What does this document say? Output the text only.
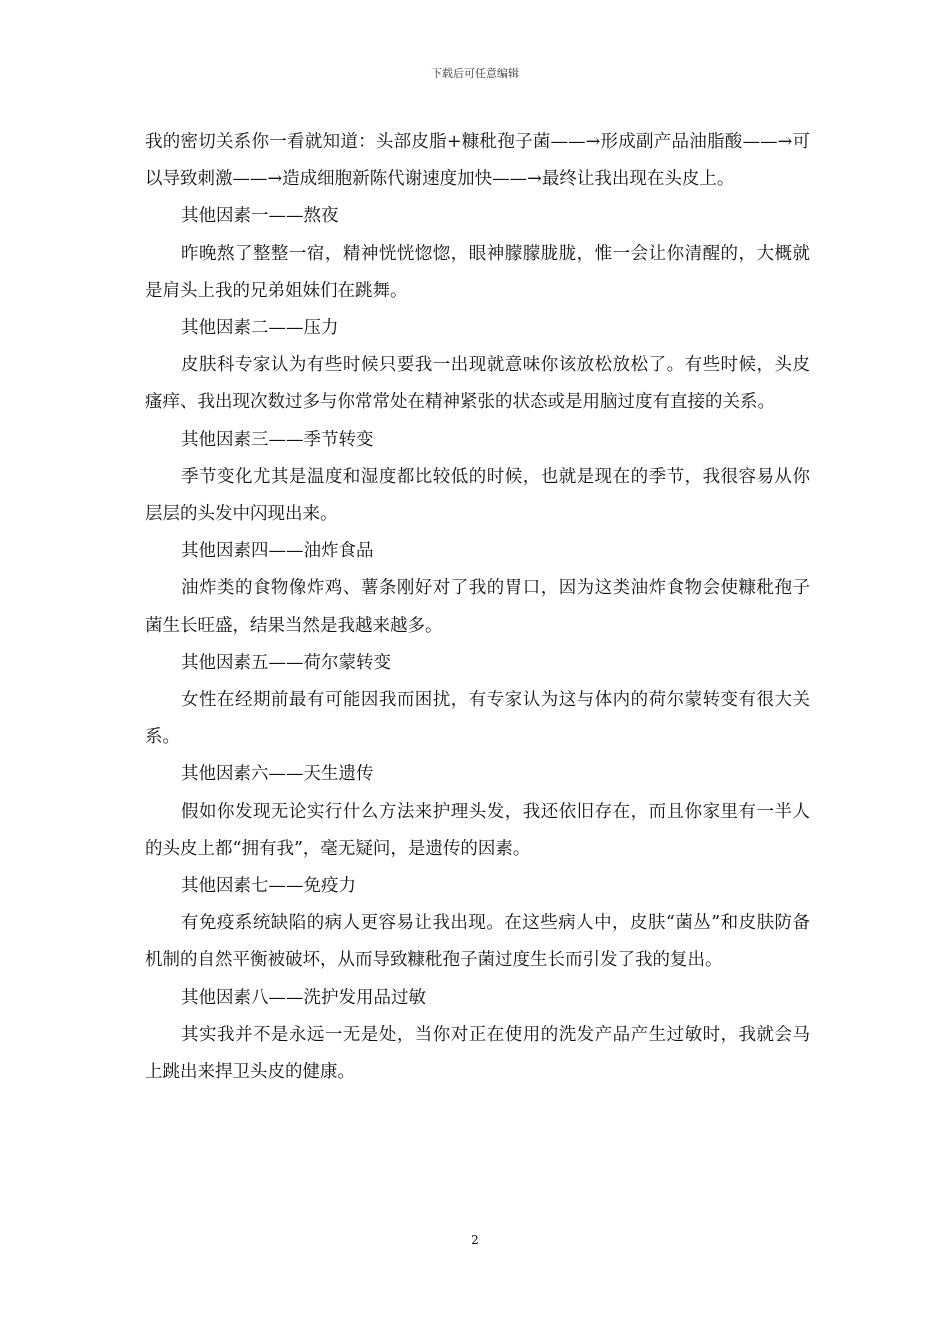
下载后可任意编辑

我的密切关系你一看就知道：头部皮脂+糠秕孢子菌——→形成副产品油脂酸——→可以导致刺激——→造成细胞新陈代谢速度加快——→最终让我出现在头皮上。

其他因素一——熬夜

昨晚熬了整整一宿，精神恍恍惚惚，眼神朦朦胧胧，惟一会让你清醒的，大概就是肩头上我的兄弟姐妹们在跳舞。

其他因素二——压力

皮肤科专家认为有些时候只要我一出现就意味你该放松放松了。有些时候，头皮瘙痒、我出现次数过多与你常常处在精神紧张的状态或是用脑过度有直接的关系。

其他因素三——季节转变

季节变化尤其是温度和湿度都比较低的时候，也就是现在的季节，我很容易从你层层的头发中闪现出来。

其他因素四——油炸食品

油炸类的食物像炸鸡、薯条刚好对了我的胃口，因为这类油炸食物会使糠秕孢子菌生长旺盛，结果当然是我越来越多。

其他因素五——荷尔蒙转变

女性在经期前最有可能因我而困扰，有专家认为这与体内的荷尔蒙转变有很大关系。

其他因素六——天生遗传

假如你发现无论实行什么方法来护理头发，我还依旧存在，而且你家里有一半人的头皮上都“拥有我”，毫无疑问，是遗传的因素。

其他因素七——免疫力

有免疫系统缺陷的病人更容易让我出现。在这些病人中，皮肤“菌丛”和皮肤防备机制的自然平衡被破坏，从而导致糠秕孢子菌过度生长而引发了我的复出。

其他因素八——洗护发用品过敏

其实我并不是永远一无是处，当你对正在使用的洗发产品产生过敏时，我就会马上跳出来捍卫头皮的健康。

2
